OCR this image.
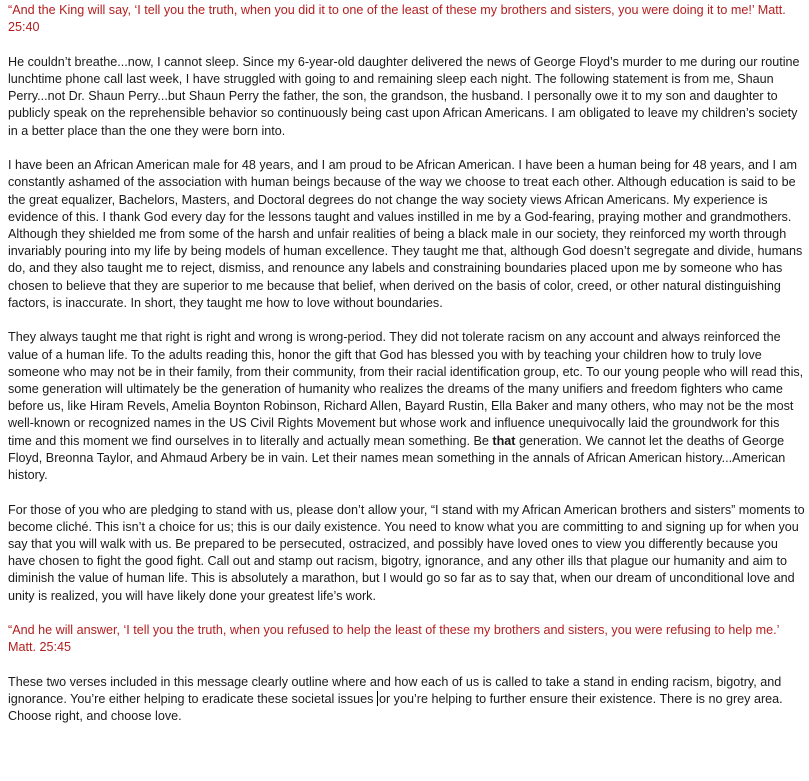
“And the King will say, ‘I tell you the truth, when you did it to one of the least of these my brothers and sisters, you were doing it to me!’ Matt. 25:40

He couldn’t breathe...now, I cannot sleep. Since my 6-year-old daughter delivered the news of George Floyd’s murder to me during our routine lunchtime phone call last week, I have struggled with going to and remaining sleep each night. The following statement is from me, Shaun Perry...not Dr. Shaun Perry...but Shaun Perry the father, the son, the grandson, the husband. I personally owe it to my son and daughter to publicly speak on the reprehensible behavior so continuously being cast upon African Americans. I am obligated to leave my children’s society in a better place than the one they were born into.

I have been an African American male for 48 years, and I am proud to be African American. I have been a human being for 48 years, and I am constantly ashamed of the association with human beings because of the way we choose to treat each other. Although education is said to be the great equalizer, Bachelors, Masters, and Doctoral degrees do not change the way society views African Americans. My experience is evidence of this. I thank God every day for the lessons taught and values instilled in me by a God-fearing, praying mother and grandmothers. Although they shielded me from some of the harsh and unfair realities of being a black male in our society, they reinforced my worth through invariably pouring into my life by being models of human excellence. They taught me that, although God doesn’t segregate and divide, humans do, and they also taught me to reject, dismiss, and renounce any labels and constraining boundaries placed upon me by someone who has chosen to believe that they are superior to me because that belief, when derived on the basis of color, creed, or other natural distinguishing factors, is inaccurate. In short, they taught me how to love without boundaries.

They always taught me that right is right and wrong is wrong-period. They did not tolerate racism on any account and always reinforced the value of a human life. To the adults reading this, honor the gift that God has blessed you with by teaching your children how to truly love someone who may not be in their family, from their community, from their racial identification group, etc. To our young people who will read this, some generation will ultimately be the generation of humanity who realizes the dreams of the many unifiers and freedom fighters who came before us, like Hiram Revels, Amelia Boynton Robinson, Richard Allen, Bayard Rustin, Ella Baker and many others, who may not be the most well-known or recognized names in the US Civil Rights Movement but whose work and influence unequivocally laid the groundwork for this time and this moment we find ourselves in to literally and actually mean something. Be that generation. We cannot let the deaths of George Floyd, Breonna Taylor, and Ahmaud Arbery be in vain. Let their names mean something in the annals of African American history...American history.

For those of you who are pledging to stand with us, please don’t allow your, “I stand with my African American brothers and sisters” moments to become cliché. This isn’t a choice for us; this is our daily existence. You need to know what you are committing to and signing up for when you say that you will walk with us. Be prepared to be persecuted, ostracized, and possibly have loved ones to view you differently because you have chosen to fight the good fight. Call out and stamp out racism, bigotry, ignorance, and any other ills that plague our humanity and aim to diminish the value of human life. This is absolutely a marathon, but I would go so far as to say that, when our dream of unconditional love and unity is realized, you will have likely done your greatest life’s work.

“And he will answer, ‘I tell you the truth, when you refused to help the least of these my brothers and sisters, you were refusing to help me.’ Matt. 25:45

These two verses included in this message clearly outline where and how each of us is called to take a stand in ending racism, bigotry, and ignorance. You’re either helping to eradicate these societal issues or you’re helping to further ensure their existence. There is no grey area. Choose right, and choose love.
